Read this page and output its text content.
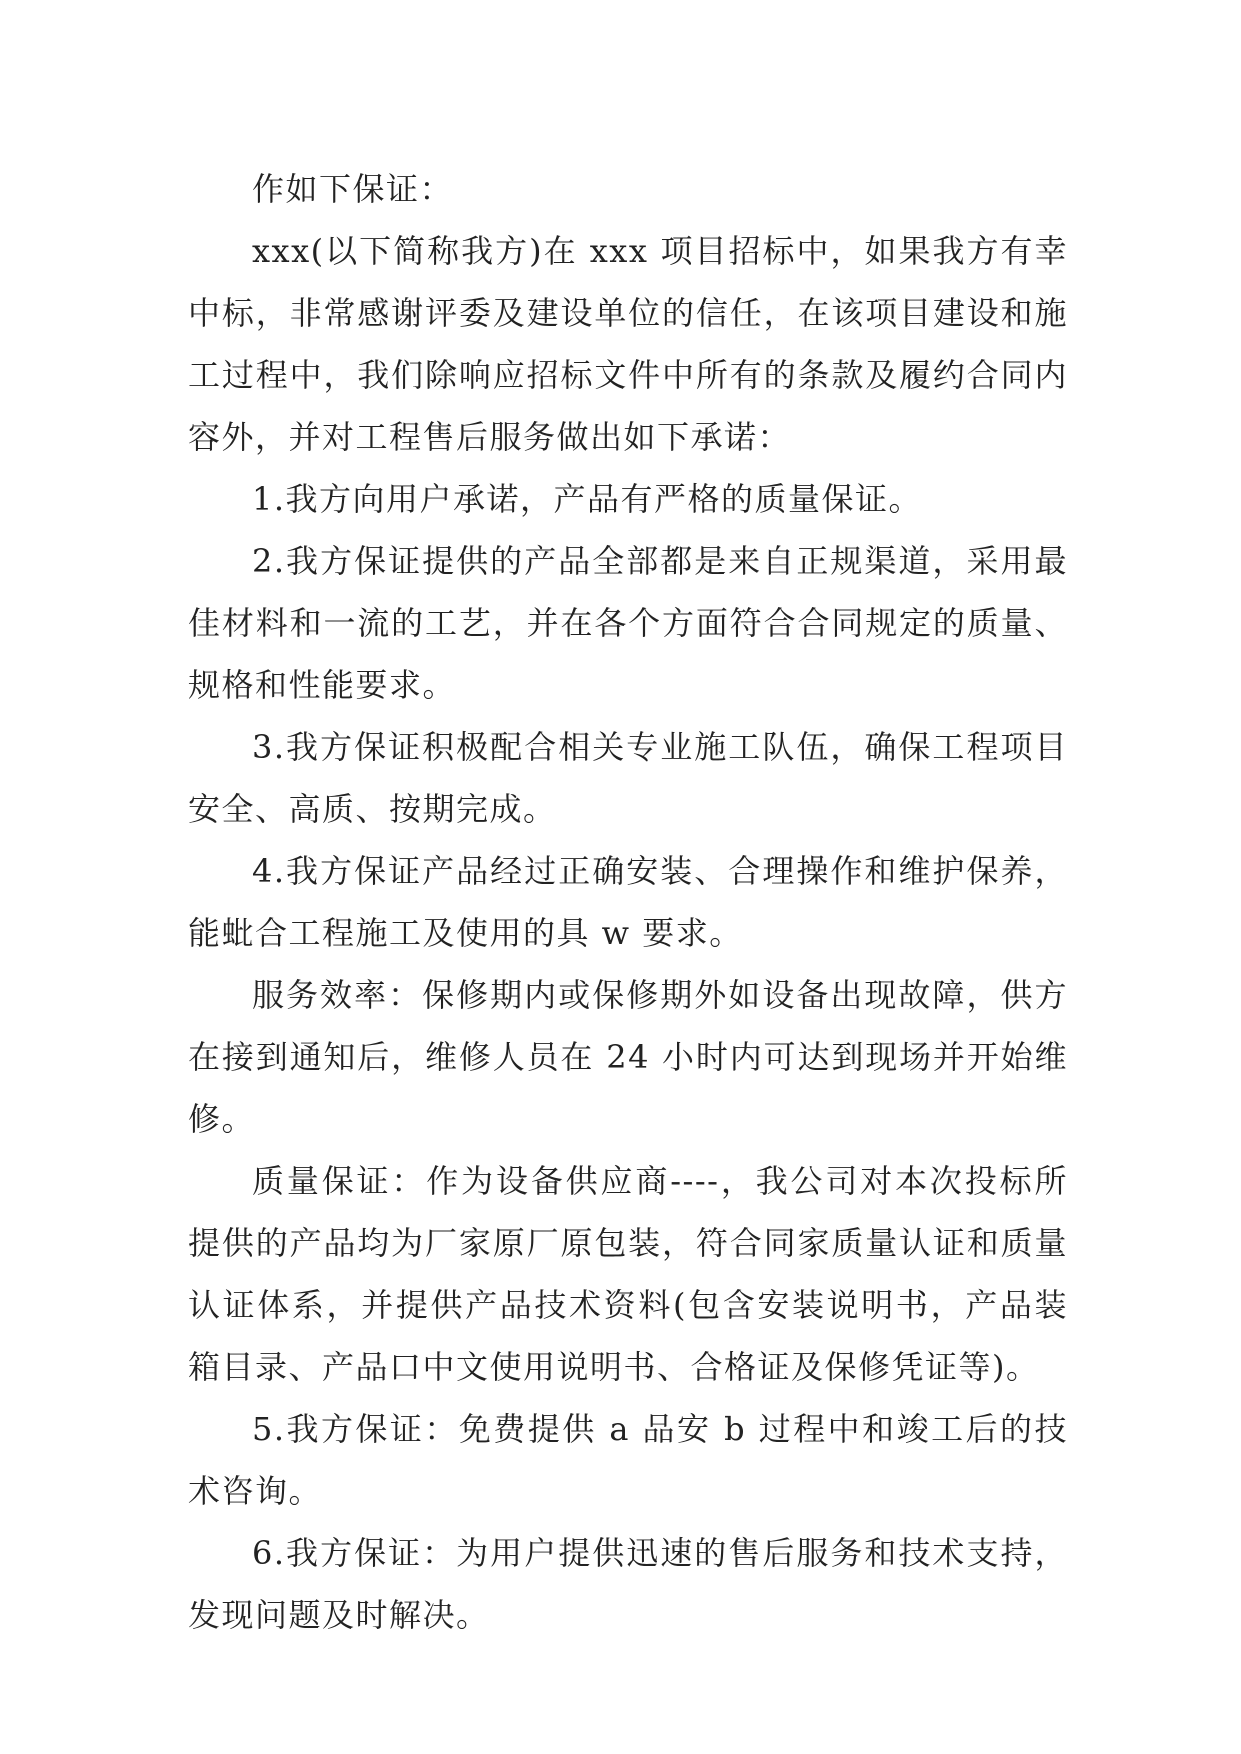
作如下保证：

xxx(以下简称我方)在 xxx 项目招标中，如果我方有幸中标，非常感谢评委及建设单位的信任，在该项目建设和施工过程中，我们除响应招标文件中所有的条款及履约合同内容外，并对工程售后服务做出如下承诺：

1.我方向用户承诺，产品有严格的质量保证。

2.我方保证提供的产品全部都是来自正规渠道，采用最佳材料和一流的工艺，并在各个方面符合合同规定的质量、规格和性能要求。

3.我方保证积极配合相关专业施工队伍，确保工程项目安全、高质、按期完成。

4.我方保证产品经过正确安装、合理操作和维护保养，能蚍合工程施工及使用的具 w 要求。

服务效率：保修期内或保修期外如设备出现故障，供方在接到通知后，维修人员在 24 小时内可达到现场并开始维修。

质量保证：作为设备供应商----，我公司对本次投标所提供的产品均为厂家原厂原包装，符合同家质量认证和质量认证体系，并提供产品技术资料(包含安装说明书，产品装箱目录、产品口中文使用说明书、合格证及保修凭证等)。

5.我方保证：免费提供 a 品安 b 过程中和竣工后的技术咨询。

6.我方保证：为用户提供迅速的售后服务和技术支持，发现问题及时解决。
